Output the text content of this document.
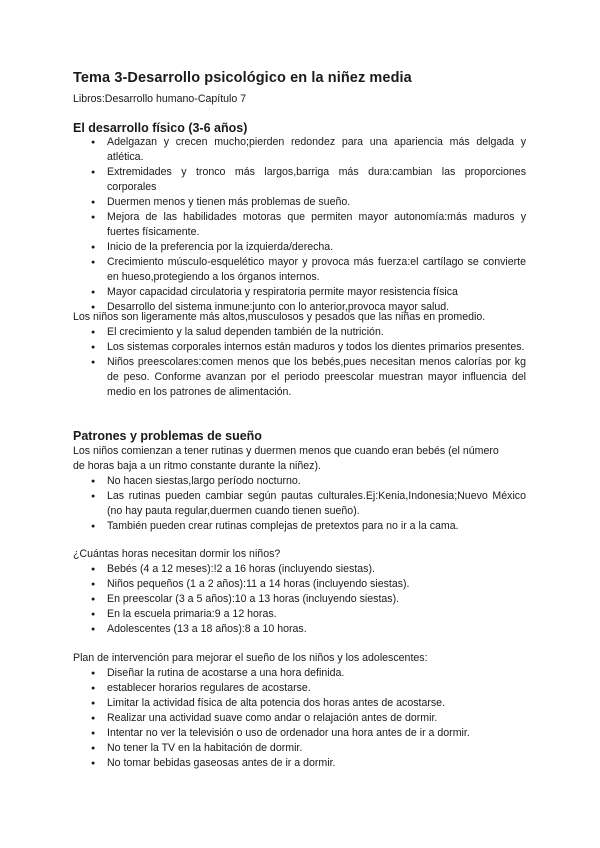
Tema 3-Desarrollo psicológico en la niñez media
Libros:Desarrollo humano-Capítulo 7
El desarrollo físico (3-6 años)
● Adelgazan y crecen mucho;pierden redondez para una apariencia más delgada y atlética.
● Extremidades y tronco más largos,barriga más dura:cambian las proporciones corporales
● Duermen menos y tienen más problemas de sueño.
● Mejora de las habilidades motoras que permiten mayor autonomía:más maduros y fuertes físicamente.
● Inicio de la preferencia por la izquierda/derecha.
● Crecimiento músculo-esquelético mayor y provoca más fuerza:el cartílago se convierte en hueso,protegiendo a los órganos internos.
● Mayor capacidad circulatoria y respiratoria permite mayor resistencia física
● Desarrollo del sistema inmune:junto con lo anterior,provoca mayor salud.
Los niños son ligeramente más altos,musculosos y pesados que las niñas en promedio.
● El crecimiento y la salud dependen también de la nutrición.
● Los sistemas corporales internos están maduros y todos los dientes primarios presentes.
● Niños preescolares:comen menos que los bebés,pues necesitan menos calorías por kg de peso. Conforme avanzan por el periodo preescolar muestran mayor influencia del medio en los patrones de alimentación.
Patrones y problemas de sueño
Los niños comienzan a tener rutinas y duermen menos que cuando eran bebés (el número
de horas baja a un ritmo constante durante la niñez).
● No hacen siestas,largo período nocturno.
● Las rutinas pueden cambiar según pautas culturales.Ej:Kenia,Indonesia;Nuevo México (no hay pauta regular,duermen cuando tienen sueño).
● También pueden crear rutinas complejas de pretextos para no ir a la cama.
¿Cuántas horas necesitan dormir los niños?
● Bebés (4 a 12 meses):!2 a 16 horas (incluyendo siestas).
● Niños pequeños (1 a 2 años):11 a 14 horas (incluyendo siestas).
● En preescolar (3 a 5 años):10 a 13 horas (incluyendo siestas).
● En la escuela primaria:9 a 12 horas.
● Adolescentes (13 a 18 años):8 a 10 horas.
Plan de intervención para mejorar el sueño de los niños y los adolescentes:
● Diseñar la rutina de acostarse a una hora definida.
● establecer horarios regulares de acostarse.
● Limitar la actividad física de alta potencia dos horas antes de acostarse.
● Realizar una actividad suave como andar o relajación antes de dormir.
● Intentar no ver la televisión o uso de ordenador una hora antes de ir a dormir.
● No tener la TV en la habitación de dormir.
● No tomar bebidas gaseosas antes de ir a dormir.
